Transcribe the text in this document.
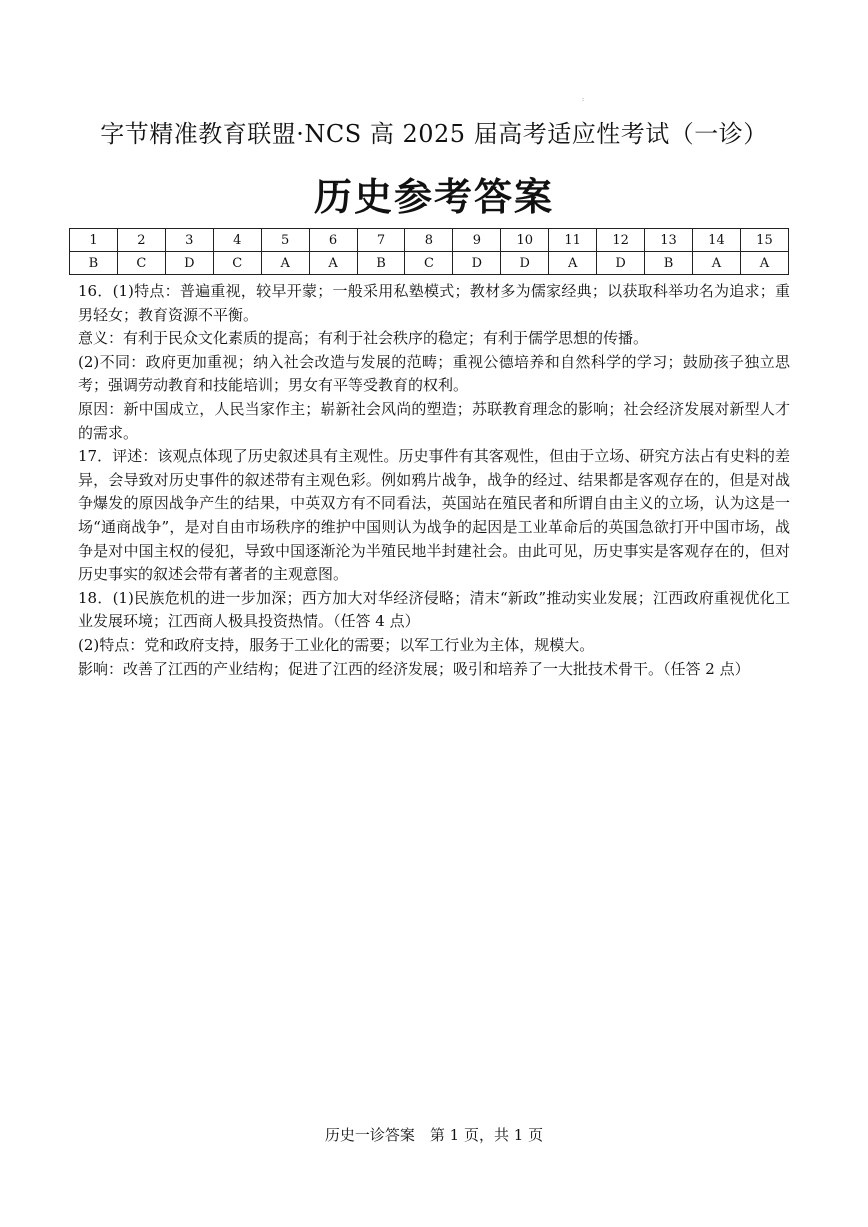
:
字节精准教育联盟·NCS 高 2025 届高考适应性考试（一诊）
历史参考答案
1	2	3	4	5	6	7	8	9	10	11	12	13	14	15
B	C	D	C	A	A	B	C	D	D	A	D	B	A	A

16．(1)特点：普遍重视，较早开蒙；一般采用私塾模式；教材多为儒家经典；以获取科举功名为追求；重男轻女；教育资源不平衡。

意义：有利于民众文化素质的提高；有利于社会秩序的稳定；有利于儒学思想的传播。

(2)不同：政府更加重视；纳入社会改造与发展的范畴；重视公德培养和自然科学的学习；鼓励孩子独立思考；强调劳动教育和技能培训；男女有平等受教育的权利。

原因：新中国成立，人民当家作主；崭新社会风尚的塑造；苏联教育理念的影响；社会经济发展对新型人才的需求。

17．评述：该观点体现了历史叙述具有主观性。历史事件有其客观性，但由于立场、研究方法占有史料的差异，会导致对历史事件的叙述带有主观色彩。例如鸦片战争，战争的经过、结果都是客观存在的，但是对战争爆发的原因战争产生的结果，中英双方有不同看法，英国站在殖民者和所谓自由主义的立场，认为这是一场“通商战争”，是对自由市场秩序的维护中国则认为战争的起因是工业革命后的英国急欲打开中国市场，战争是对中国主权的侵犯，导致中国逐渐沦为半殖民地半封建社会。由此可见，历史事实是客观存在的，但对历史事实的叙述会带有著者的主观意图。

18．(1)民族危机的进一步加深；西方加大对华经济侵略；清末“新政”推动实业发展；江西政府重视优化工业发展环境；江西商人极具投资热情。（任答 4 点）

(2)特点：党和政府支持，服务于工业化的需要；以军工行业为主体，规模大。

影响：改善了江西的产业结构；促进了江西的经济发展；吸引和培养了一大批技术骨干。（任答 2 点）

历史一诊答案　第 1 页，共 1 页
